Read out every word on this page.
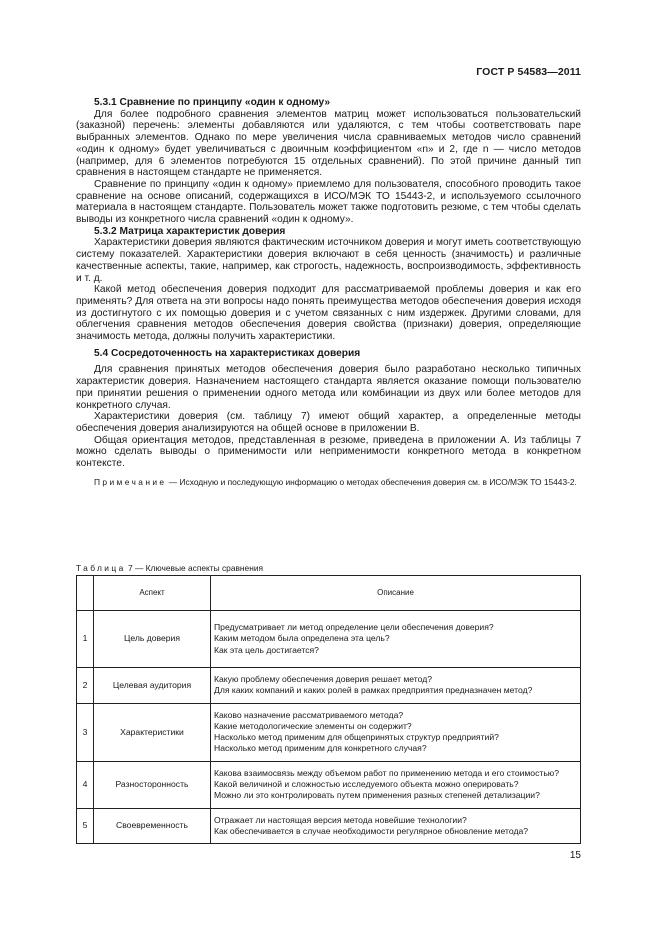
ГОСТ Р 54583—2011

5.3.1 Сравнение по принципу «один к одному»

Для более подробного сравнения элементов матриц может использоваться пользовательский (заказной) перечень: элементы добавляются или удаляются, с тем чтобы соответствовать паре выбранных элементов. Однако по мере увеличения числа сравниваемых методов число сравнений «один к одному» будет увеличиваться с двоичным коэффициентом «n» и 2, где n — число методов (например, для 6 элементов потребуются 15 отдельных сравнений). По этой причине данный тип сравнения в настоящем стандарте не применяется.

Сравнение по принципу «один к одному» приемлемо для пользователя, способного проводить такое сравнение на основе описаний, содержащихся в ИСО/МЭК ТО 15443-2, и используемого ссылочного материала в настоящем стандарте. Пользователь может также подготовить резюме, с тем чтобы сделать выводы из конкретного числа сравнений «один к одному».

5.3.2 Матрица характеристик доверия

Характеристики доверия являются фактическим источником доверия и могут иметь соответствующую систему показателей. Характеристики доверия включают в себя ценность (значимость) и различные качественные аспекты, такие, например, как строгость, надежность, воспроизводимость, эффективность и т. д.

Какой метод обеспечения доверия подходит для рассматриваемой проблемы доверия и как его применять? Для ответа на эти вопросы надо понять преимущества методов обеспечения доверия исходя из достигнутого с их помощью доверия и с учетом связанных с ним издержек. Другими словами, для облегчения сравнения методов обеспечения доверия свойства (признаки) доверия, определяющие значимость метода, должны получить характеристики.

5.4 Сосредоточенность на характеристиках доверия

Для сравнения принятых методов обеспечения доверия было разработано несколько типичных характеристик доверия. Назначением настоящего стандарта является оказание помощи пользователю при принятии решения о применении одного метода или комбинации из двух или более методов для конкретного случая.

Характеристики доверия (см. таблицу 7) имеют общий характер, а определенные методы обеспечения доверия анализируются на общей основе в приложении В.

Общая ориентация методов, представленная в резюме, приведена в приложении А. Из таблицы 7 можно сделать выводы о применимости или неприменимости конкретного метода в конкретном контексте.

Примечание — Исходную и последующую информацию о методах обеспечения доверия см. в ИСО/МЭК ТО 15443-2.

Таблица 7 — Ключевые аспекты сравнения
	Аспект	Описание
1	Цель доверия	Предусматривает ли метод определение цели обеспечения доверия?
Каким методом была определена эта цель?
Как эта цель достигается?

2	Целевая аудитория	Какую проблему обеспечения доверия решает метод?
Для каких компаний и каких ролей в рамках предприятия предназначен метод?

3	Характеристики	Каково назначение рассматриваемого метода?
Какие методологические элементы он содержит?
Насколько метод применим для общепринятых структур предприятий?
Насколько метод применим для конкретного случая?

4	Разносторонность	Какова взаимосвязь между объемом работ по применению метода и его стоимостью?
Какой величиной и сложностью исследуемого объекта можно оперировать?
Можно ли это контролировать путем применения разных степеней детализации?

5	Своевременность	Отражает ли настоящая версия метода новейшие технологии?
Как обеспечивается в случае необходимости регулярное обновление метода?
15
